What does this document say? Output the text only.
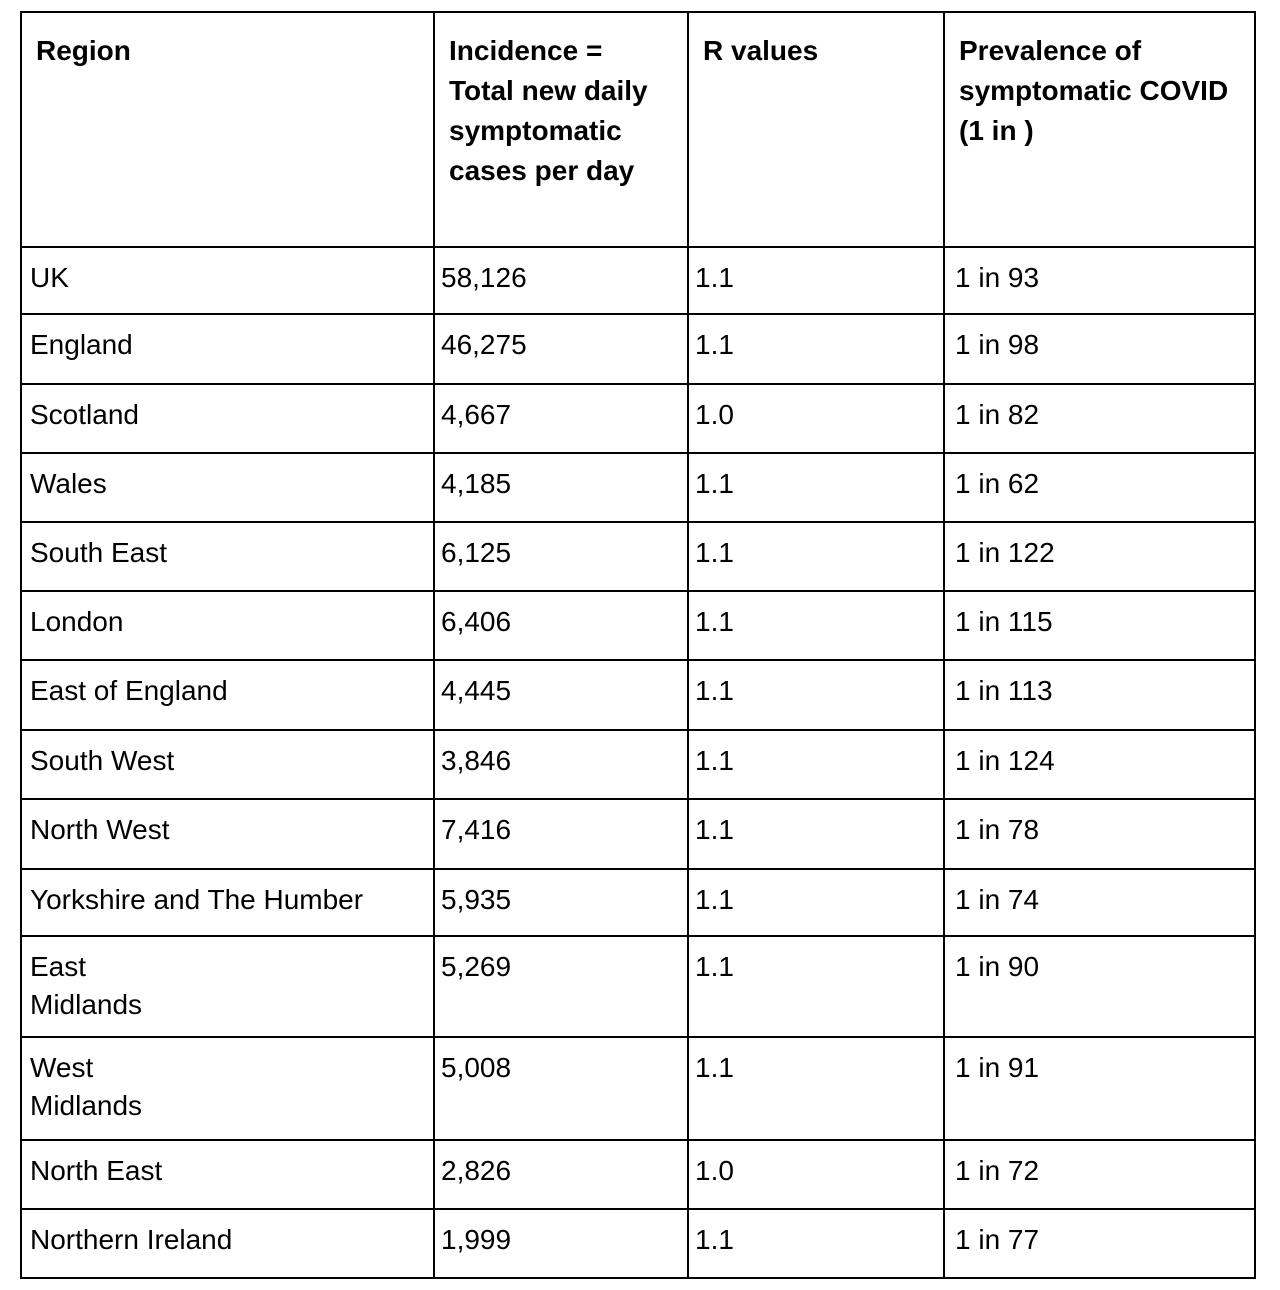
Region	Incidence = Total new daily symptomatic cases per day	R values	Prevalence of symptomatic COVID (1 in )
UK	58,126	1.1	1 in 93
England	46,275	1.1	1 in 98
Scotland	4,667	1.0	1 in 82
Wales	4,185	1.1	1 in 62
South East	6,125	1.1	1 in 122
London	6,406	1.1	1 in 115
East of England	4,445	1.1	1 in 113
South West	3,846	1.1	1 in 124
North West	7,416	1.1	1 in 78
Yorkshire and The Humber	5,935	1.1	1 in 74

East Midlands	5,269	1.1	1 in 90

West Midlands	5,008	1.1	1 in 91
North East	2,826	1.0	1 in 72
Northern Ireland	1,999	1.1	1 in 77
